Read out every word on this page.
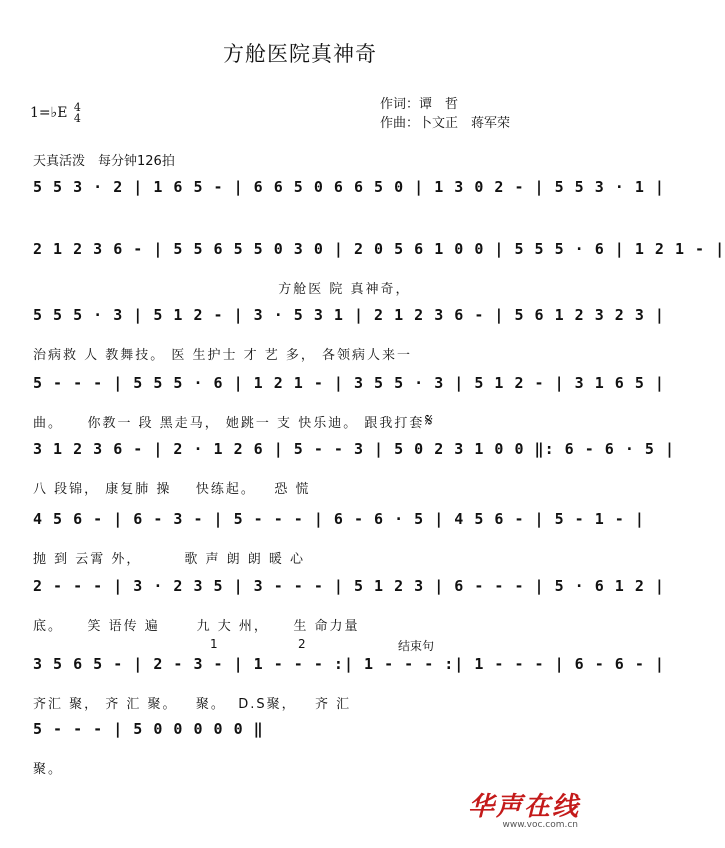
方舱医院真神奇
1=♭E 4
4
作词：谭　哲
作曲：卜文正　蒋军荣
天真活泼　每分钟126拍
5 5 3 · 2 | 1 6 5 - | 6 6 5 0 6 6 5 0 | 1 3 0 2 - | 5 5 3 · 1 |
2 1 2 3 6 - | 5 5 6 5 5 0 3 0 | 2 0 5 6 1 0 0 | 5 5 5 · 6 | 1 2 1 - |
方舱医 院 真神奇，
5 5 5 · 3 | 5 1 2 - | 3 · 5 3 1 | 2 1 2 3 6 - | 5 6 1 2 3 2 3 |
治病救 人 教舞技。 医 生护士 才 艺 多， 各领病人来一
5 - - - | 5 5 5 · 6 | 1 2 1 - | 3 5 5 · 3 | 5 1 2 - | 3 1 6 5 |
曲。    你教一 段 黑走马， 她跳一 支 快乐迪。 跟我打套 𝄋
3 1 2 3 6 - | 2 · 1 2 6 | 5 - - 3 | 5 0 2 3 1 0 0 ‖: 6 - 6 · 5 |
八 段锦， 康复肺 操    快练起。   恐 慌
4 5 6 - | 6 - 3 - | 5 - - - | 6 - 6 · 5 | 4 5 6 - | 5 - 1 - |
抛 到 云霄 外，       歌 声 朗 朗 暖 心
2 - - - | 3 · 2 3 5 | 3 - - - | 5 1 2 3 | 6 - - - | 5 · 6 1 2 |
底。    笑 语传 遍      九 大 州，    生 命力量
1	2	结束句
3 5 6 5 - | 2 - 3 - | 1 - - - :| 1 - - - :| 1 - - - | 6 - 6 - |
齐汇 聚， 齐 汇 聚。   聚。  D.S聚，   齐 汇
5 - - - | 5 0 0 0 0 0 ‖
聚。
华声在线
www.voc.com.cn
